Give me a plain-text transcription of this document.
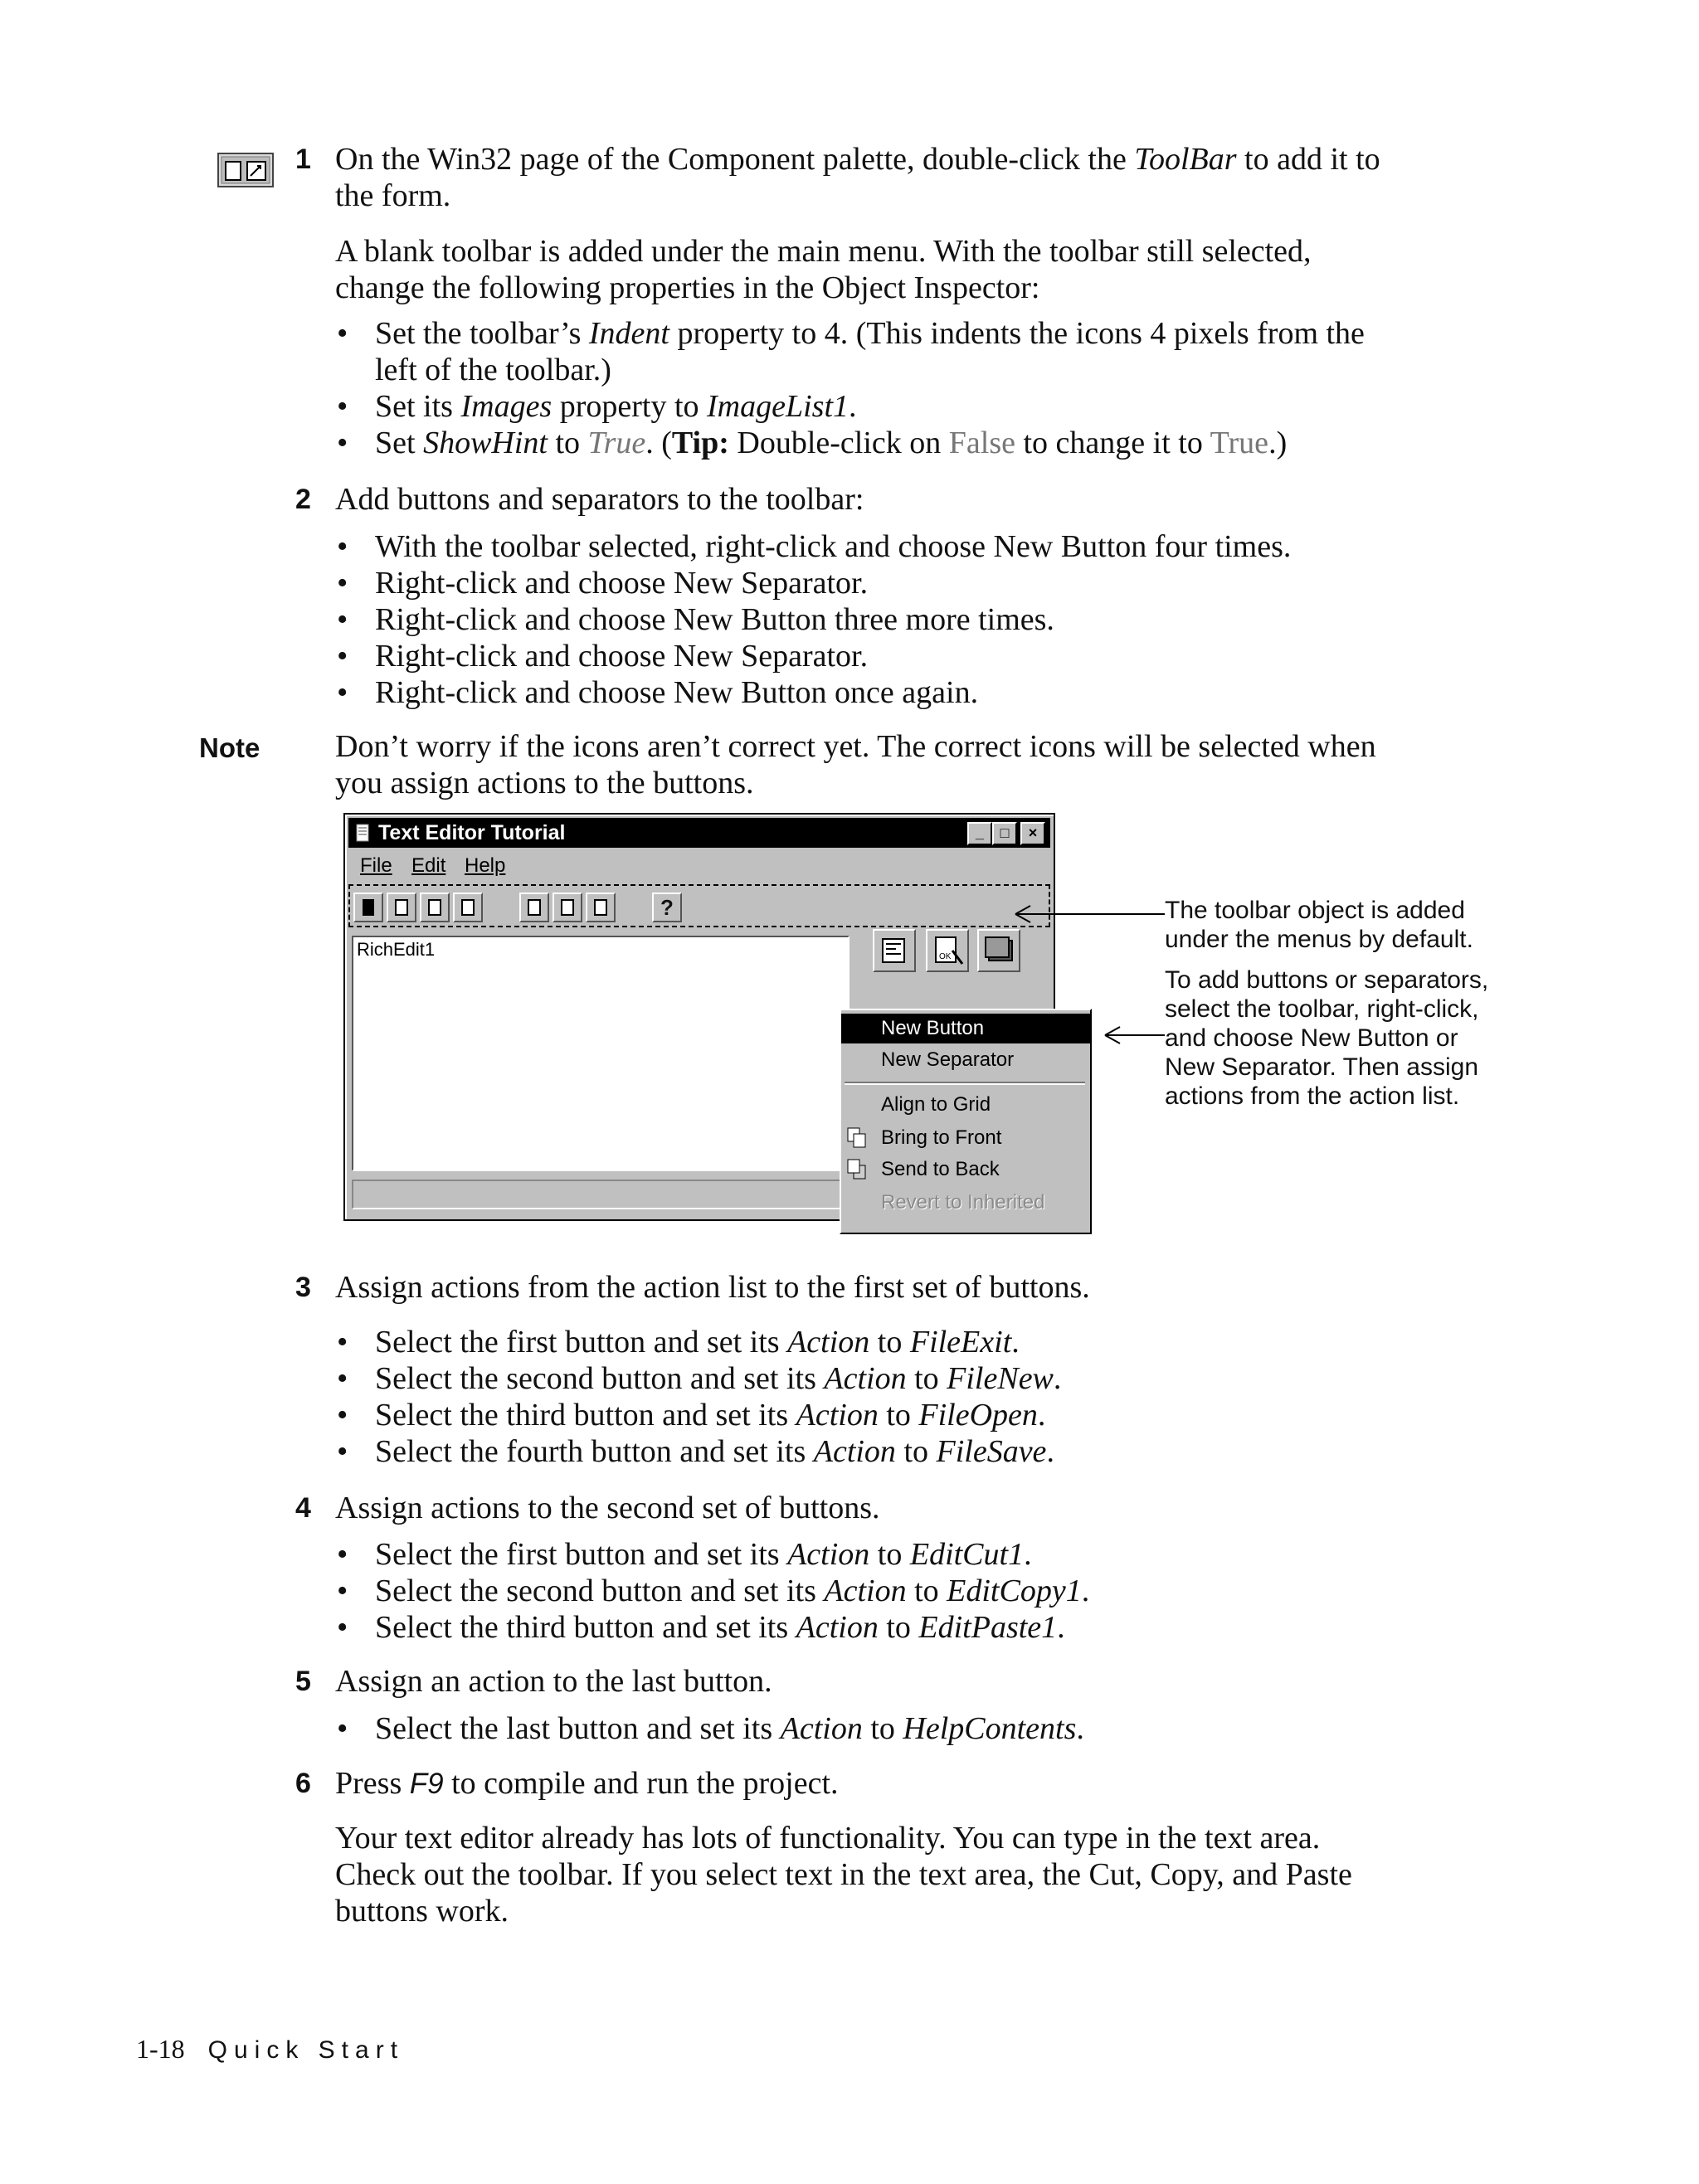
1 On the Win32 page of the Component palette, double-click the ToolBar to add it to
the form.
A blank toolbar is added under the main menu. With the toolbar still selected,
change the following properties in the Object Inspector:
• Set the toolbar’s Indent property to 4. (This indents the icons 4 pixels from the
left of the toolbar.)
• Set its Images property to ImageList1.
• Set ShowHint to True. (Tip: Double-click on False to change it to True.)
2 Add buttons and separators to the toolbar:
• With the toolbar selected, right-click and choose New Button four times.
• Right-click and choose New Separator.
• Right-click and choose New Button three more times.
• Right-click and choose New Separator.
• Right-click and choose New Button once again.
Note Don’t worry if the icons aren’t correct yet. The correct icons will be selected when
you assign actions to the buttons.
Text Editor Tutorial	_	□	×
File Edit Help
?
OK
RichEdit1
New Button
New Separator
Align to Grid
Bring to Front
Send to Back
Revert to Inherited
The toolbar object is added
under the menus by default.
To add buttons or separators,
select the toolbar, right-click,
and choose New Button or
New Separator. Then assign
actions from the action list.
3 Assign actions from the action list to the first set of buttons.
• Select the first button and set its Action to FileExit.
• Select the second button and set its Action to FileNew.
• Select the third button and set its Action to FileOpen.
• Select the fourth button and set its Action to FileSave.
4 Assign actions to the second set of buttons.
• Select the first button and set its Action to EditCut1.
• Select the second button and set its Action to EditCopy1.
• Select the third button and set its Action to EditPaste1.
5 Assign an action to the last button.
• Select the last button and set its Action to HelpContents.
6 Press F9 to compile and run the project.
Your text editor already has lots of functionality. You can type in the text area.
Check out the toolbar. If you select text in the text area, the Cut, Copy, and Paste
buttons work.
1-18 Quick Start
